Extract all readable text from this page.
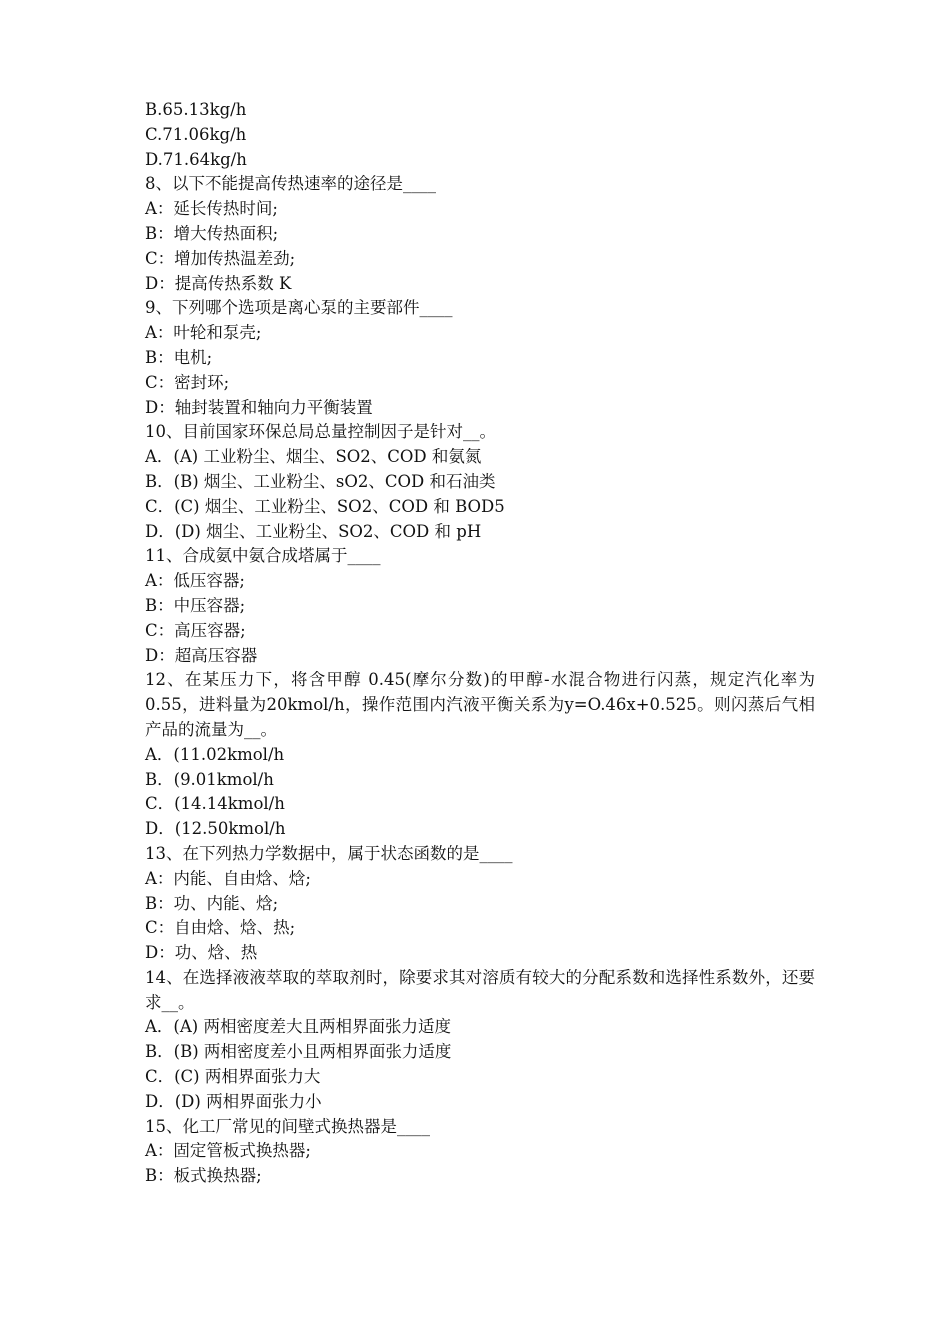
B.65.13kg/h
C.71.06kg/h
D.71.64kg/h
8、以下不能提高传热速率的途径是____
A：延长传热时间;
B：增大传热面积;
C：增加传热温差劲;
D：提高传热系数 K
9、下列哪个选项是离心泵的主要部件____
A：叶轮和泵壳;
B：电机;
C：密封环;
D：轴封装置和轴向力平衡装置
10、目前国家环保总局总量控制因子是针对__。
A．(A) 工业粉尘、烟尘、SO2、COD 和氨氮
B．(B) 烟尘、工业粉尘、sO2、COD 和石油类
C．(C) 烟尘、工业粉尘、SO2、COD 和 BOD5
D．(D) 烟尘、工业粉尘、SO2、COD 和 pH
11、合成氨中氨合成塔属于____
A：低压容器;
B：中压容器;
C：高压容器;
D：超高压容器
12、在某压力下，将含甲醇 0.45(摩尔分数)的甲醇-水混合物进行闪蒸，规定汽化率为 0.55，进料量为20kmol/h，操作范围内汽液平衡关系为y=O.46x+0.525。则闪蒸后气相产品的流量为__。
A．(11.02kmol/h
B．(9.01kmol/h
C．(14.14kmol/h
D．(12.50kmol/h
13、在下列热力学数据中，属于状态函数的是____
A：内能、自由焓、焓;
B：功、内能、焓;
C：自由焓、焓、热;
D：功、焓、热
14、在选择液液萃取的萃取剂时，除要求其对溶质有较大的分配系数和选择性系数外，还要求__。
A．(A) 两相密度差大且两相界面张力适度
B．(B) 两相密度差小且两相界面张力适度
C．(C) 两相界面张力大
D．(D) 两相界面张力小
15、化工厂常见的间壁式换热器是____
A：固定管板式换热器;
B：板式换热器;
